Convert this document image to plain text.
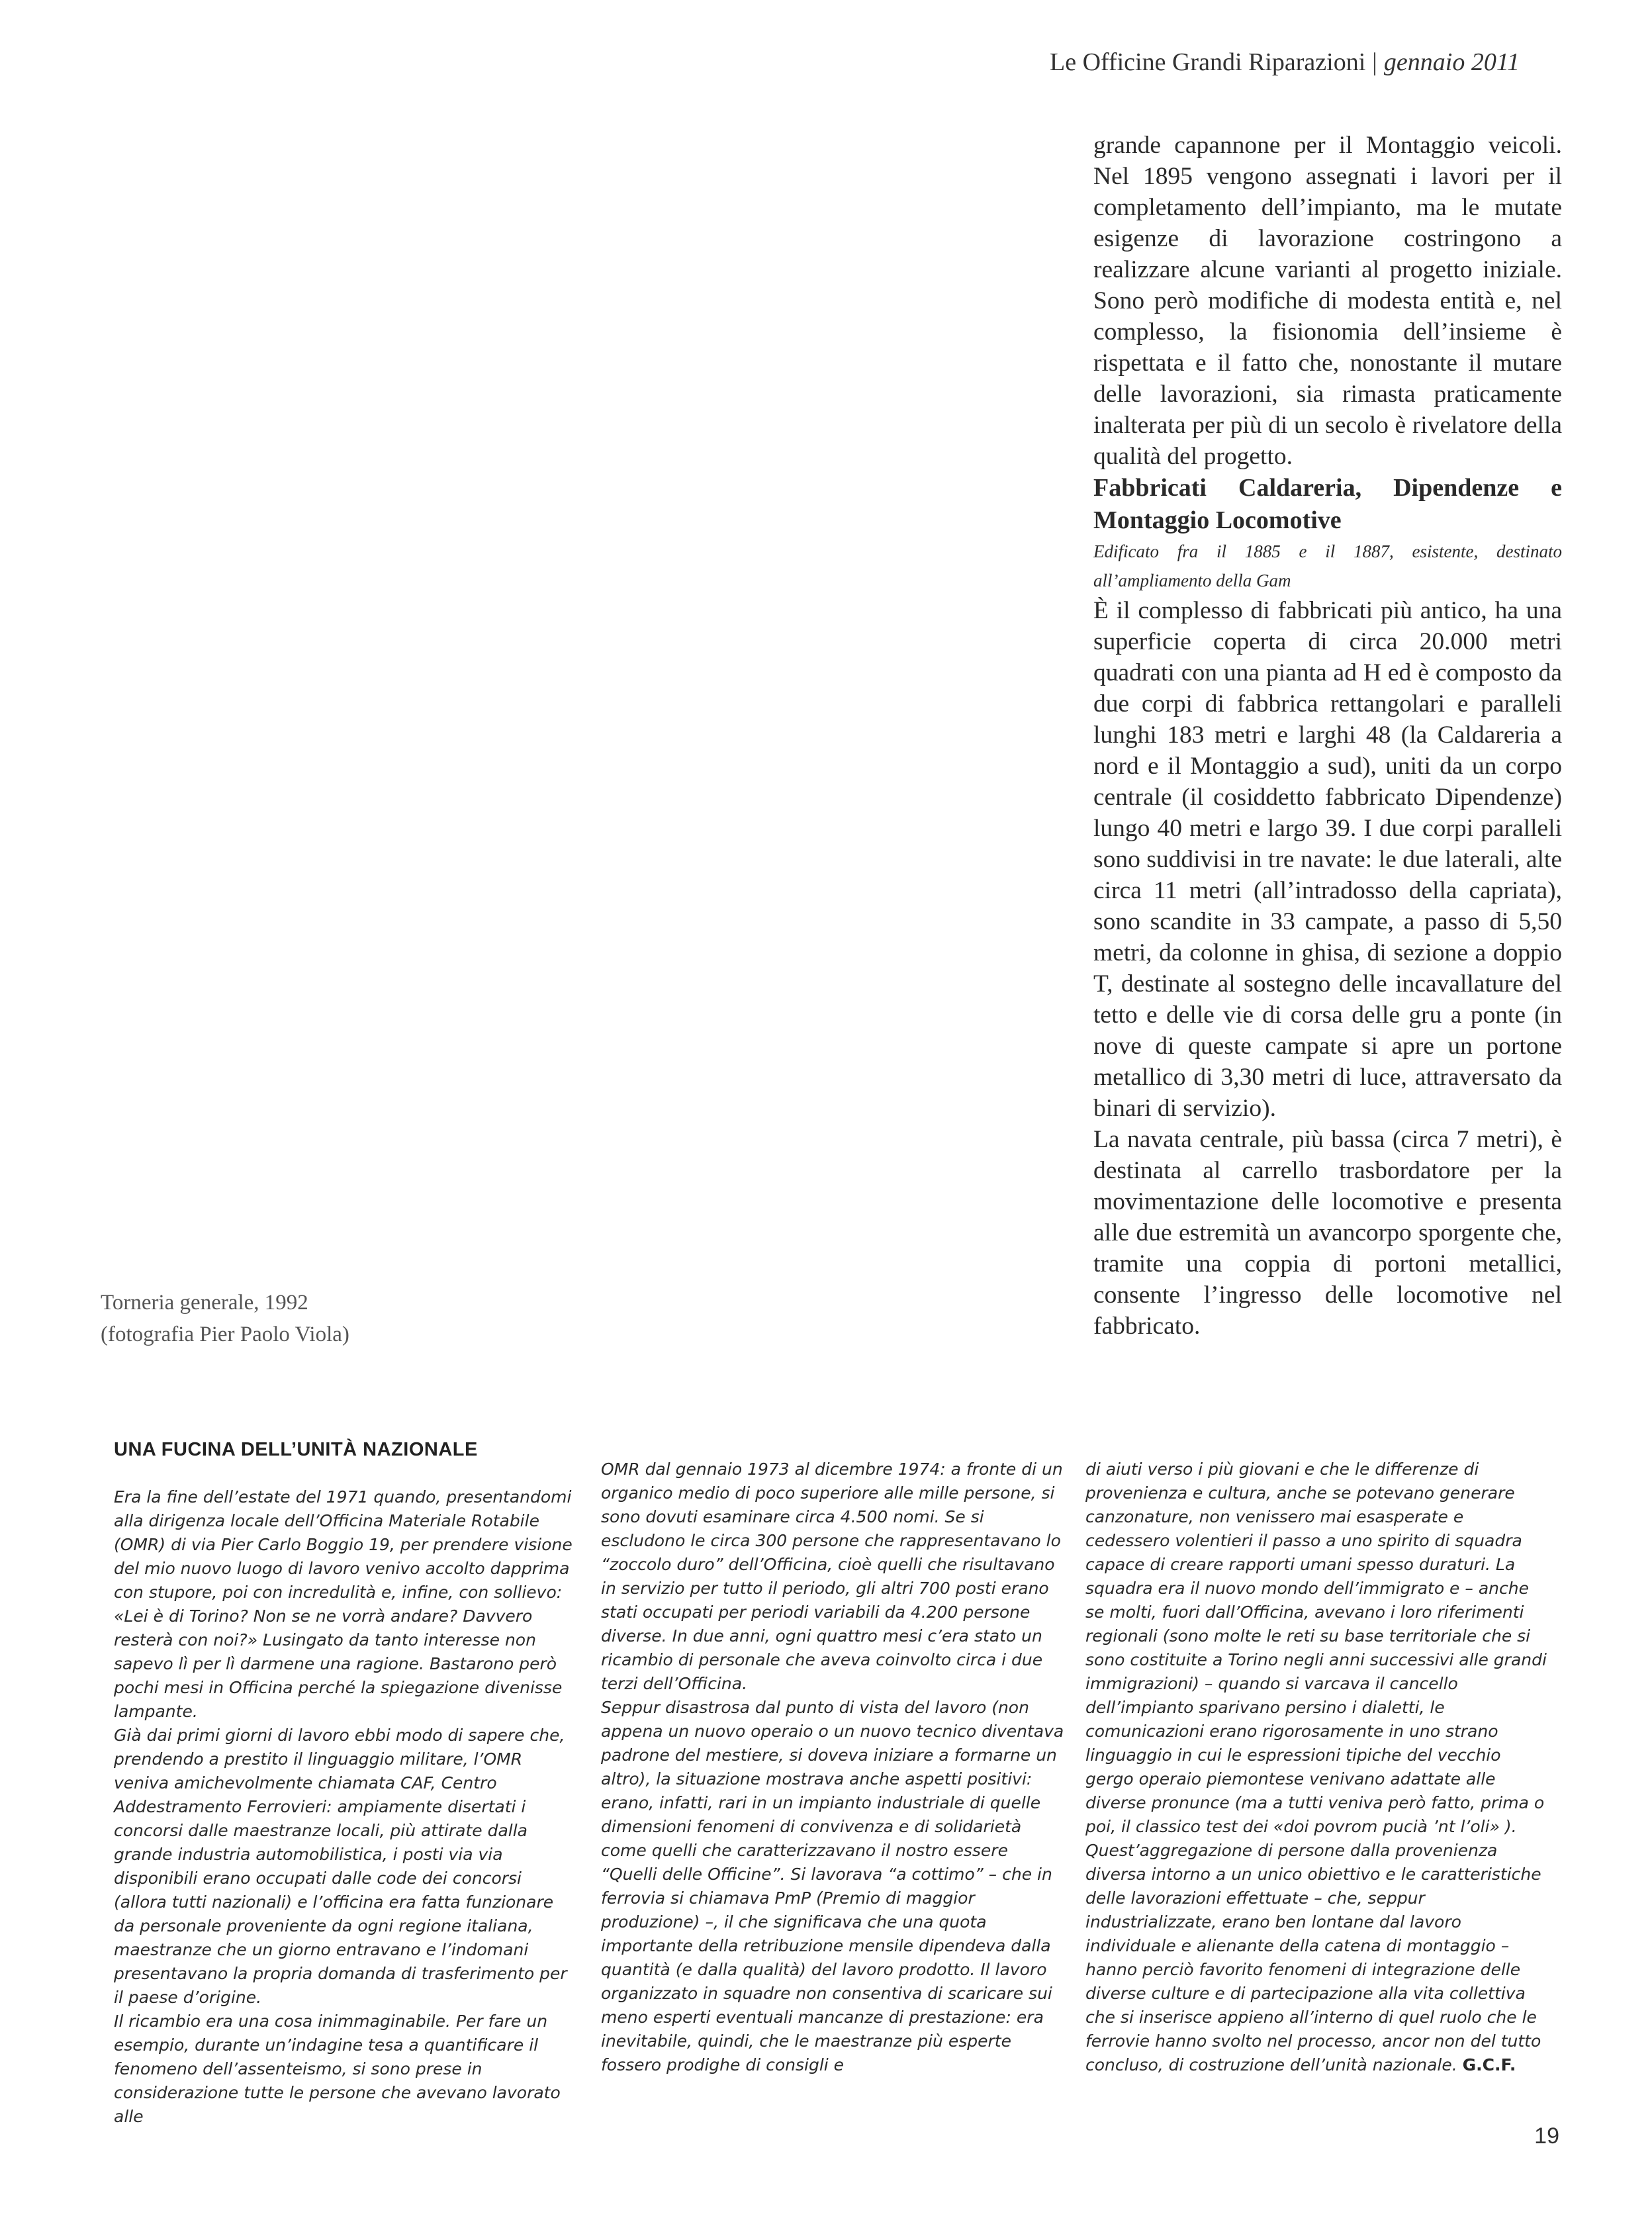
Le Officine Grandi Riparazioni | gennaio 2011

grande capannone per il Montaggio veicoli. Nel 1895 vengono assegnati i lavori per il completamento dell’impianto, ma le mutate esigenze di lavorazione costringono a realizzare alcune varianti al progetto iniziale. Sono però modifiche di modesta entità e, nel complesso, la fisionomia dell’insieme è rispettata e il fatto che, nonostante il mutare delle lavorazioni, sia rimasta praticamente inalterata per più di un secolo è rivelatore della qualità del progetto.

Fabbricati Caldareria, Dipendenze e Montaggio Locomotive

Edificato fra il 1885 e il 1887, esistente, destinato all’ampliamento della Gam

È il complesso di fabbricati più antico, ha una superficie coperta di circa 20.000 metri quadrati con una pianta ad H ed è composto da due corpi di fabbrica rettangolari e paralleli lunghi 183 metri e larghi 48 (la Caldareria a nord e il Montaggio a sud), uniti da un corpo centrale (il cosiddetto fabbricato Dipendenze) lungo 40 metri e largo 39. I due corpi paralleli sono suddivisi in tre navate: le due laterali, alte circa 11 metri (all’intradosso della capriata), sono scandite in 33 campate, a passo di 5,50 metri, da colonne in ghisa, di sezione a doppio T, destinate al sostegno delle incavallature del tetto e delle vie di corsa delle gru a ponte (in nove di queste campate si apre un portone metallico di 3,30 metri di luce, attraversato da binari di servizio).

La navata centrale, più bassa (circa 7 metri), è destinata al carrello trasbordatore per la movimentazione delle locomotive e presenta alle due estremità un avancorpo sporgente che, tramite una coppia di portoni metallici, consente l’ingresso delle locomotive nel fabbricato.

Torneria generale, 1992
(fotografia Pier Paolo Viola)
UNA FUCINA DELL’UNITÀ NAZIONALE

Era la fine dell’estate del 1971 quando, presentandomi alla dirigenza locale dell’Officina Materiale Rotabile (OMR) di via Pier Carlo Boggio 19, per prendere visione del mio nuovo luogo di lavoro venivo accolto dapprima con stupore, poi con incredulità e, infine, con sollievo: «Lei è di Torino? Non se ne vorrà andare? Davvero resterà con noi?» Lusingato da tanto interesse non sapevo lì per lì darmene una ragione. Bastarono però pochi mesi in Officina perché la spiegazione divenisse lampante.

Già dai primi giorni di lavoro ebbi modo di sapere che, prendendo a prestito il linguaggio militare, l’OMR veniva amichevolmente chiamata CAF, Centro Addestramento Ferrovieri: ampiamente disertati i concorsi dalle maestranze locali, più attirate dalla grande industria automobilistica, i posti via via disponibili erano occupati dalle code dei concorsi (allora tutti nazionali) e l’officina era fatta funzionare da personale proveniente da ogni regione italiana, maestranze che un giorno entravano e l’indomani presentavano la propria domanda di trasferimento per il paese d’origine.

Il ricambio era una cosa inimmaginabile. Per fare un esempio, durante un’indagine tesa a quantificare il fenomeno dell’assenteismo, si sono prese in considerazione tutte le persone che avevano lavorato alle

OMR dal gennaio 1973 al dicembre 1974: a fronte di un organico medio di poco superiore alle mille persone, si sono dovuti esaminare circa 4.500 nomi. Se si escludono le circa 300 persone che rappresentavano lo “zoccolo duro” dell’Officina, cioè quelli che risultavano in servizio per tutto il periodo, gli altri 700 posti erano stati occupati per periodi variabili da 4.200 persone diverse. In due anni, ogni quattro mesi c’era stato un ricambio di personale che aveva coinvolto circa i due terzi dell’Officina.

Seppur disastrosa dal punto di vista del lavoro (non appena un nuovo operaio o un nuovo tecnico diventava padrone del mestiere, si doveva iniziare a formarne un altro), la situazione mostrava anche aspetti positivi: erano, infatti, rari in un impianto industriale di quelle dimensioni fenomeni di convivenza e di solidarietà come quelli che caratterizzavano il nostro essere “Quelli delle Officine”. Si lavorava “a cottimo” – che in ferrovia si chiamava PmP (Premio di maggior produzione) –, il che significava che una quota importante della retribuzione mensile dipendeva dalla quantità (e dalla qualità) del lavoro prodotto. Il lavoro organizzato in squadre non consentiva di scaricare sui meno esperti eventuali mancanze di prestazione: era inevitabile, quindi, che le maestranze più esperte fossero prodighe di consigli e

di aiuti verso i più giovani e che le differenze di provenienza e cultura, anche se potevano generare canzonature, non venissero mai esasperate e cedessero volentieri il passo a uno spirito di squadra capace di creare rapporti umani spesso duraturi. La squadra era il nuovo mondo dell’immigrato e – anche se molti, fuori dall’Officina, avevano i loro riferimenti regionali (sono molte le reti su base territoriale che si sono costituite a Torino negli anni successivi alle grandi immigrazioni) – quando si varcava il cancello dell’impianto sparivano persino i dialetti, le comunicazioni erano rigorosamente in uno strano linguaggio in cui le espressioni tipiche del vecchio gergo operaio piemontese venivano adattate alle diverse pronunce (ma a tutti veniva però fatto, prima o poi, il classico test dei «doi povrom pucià ’nt l’oli» ).

Quest’aggregazione di persone dalla provenienza diversa intorno a un unico obiettivo e le caratteristiche delle lavorazioni effettuate – che, seppur industrializzate, erano ben lontane dal lavoro individuale e alienante della catena di montaggio – hanno perciò favorito fenomeni di integrazione delle diverse culture e di partecipazione alla vita collettiva che si inserisce appieno all’interno di quel ruolo che le ferrovie hanno svolto nel processo, ancor non del tutto concluso, di costruzione dell’unità nazionale. G.C.F.

19
